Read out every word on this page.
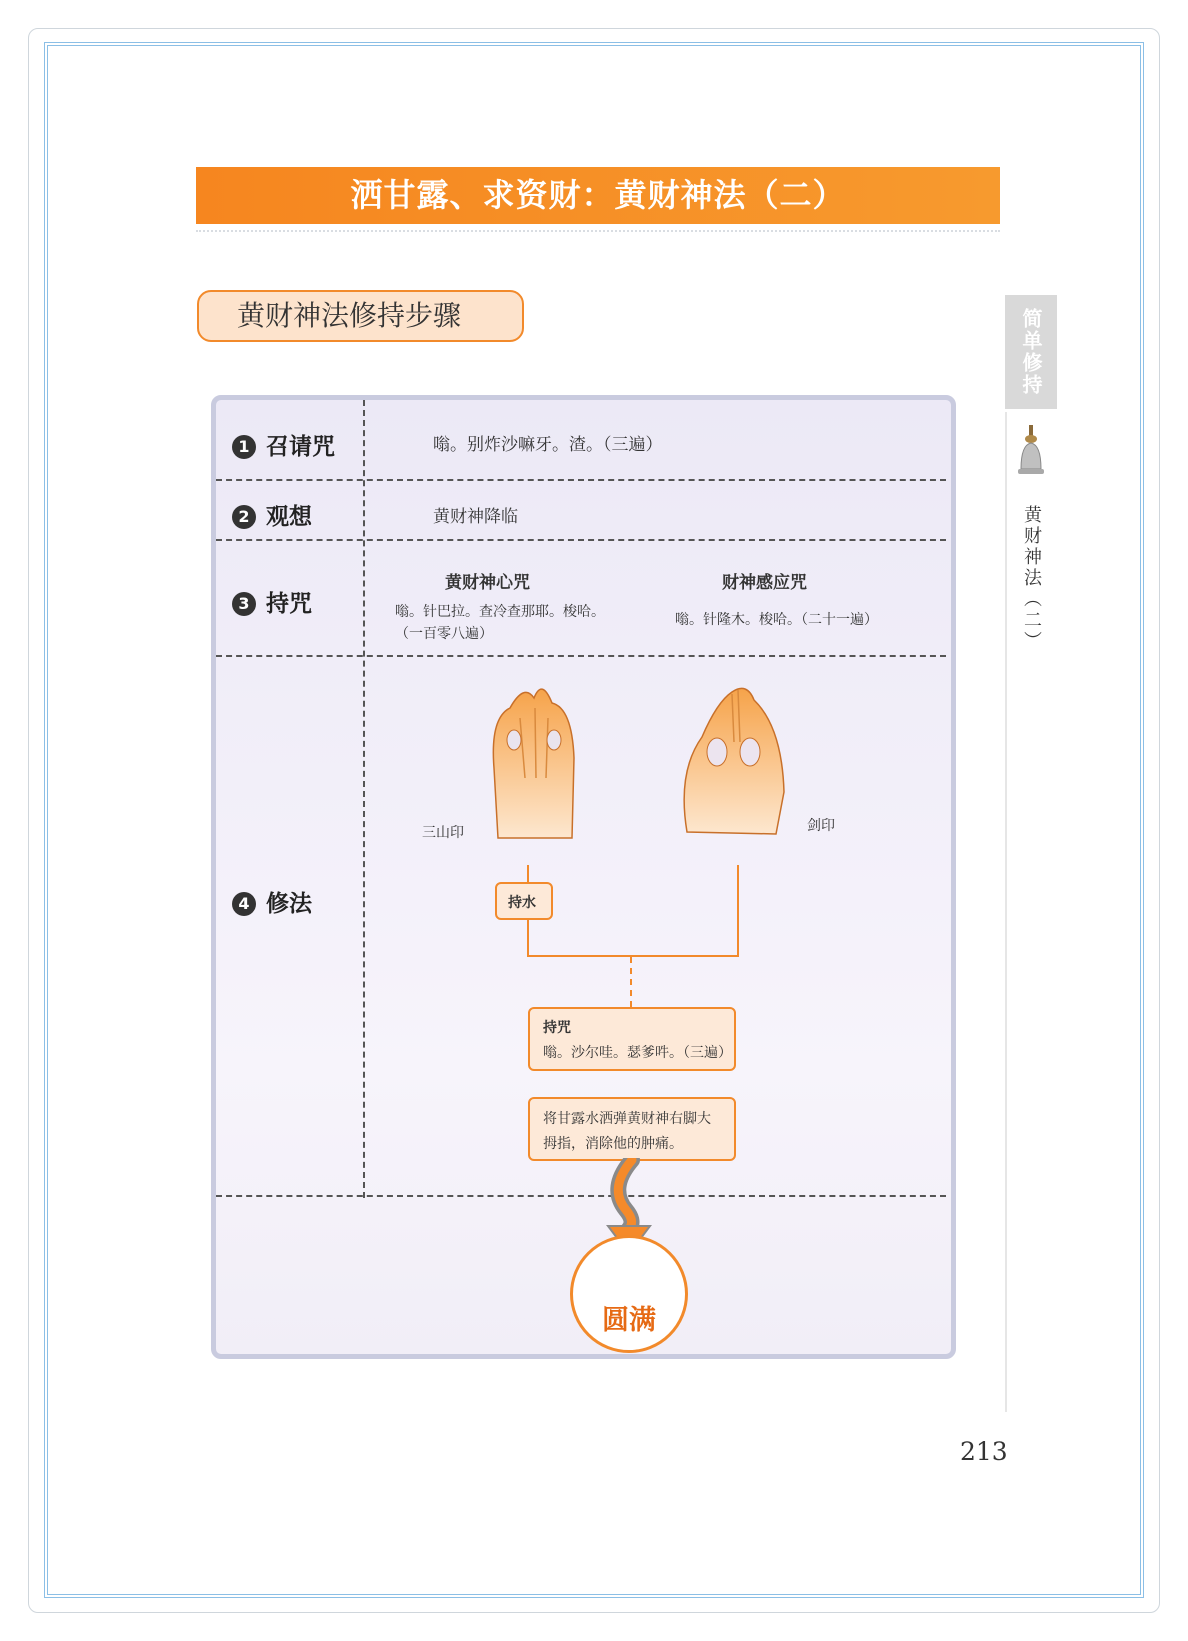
洒甘露、求资财：黄财神法（二）
黄财神法修持步骤	简单修持
黄财神法（二）
1 召请咒	嗡。别炸沙嘛牙。渣。（三遍）
2 观想	黄财神降临
3 持咒
黄财神心咒
嗡。针巴拉。查冷查那耶。梭哈。
（一百零八遍）
财神感应咒
嗡。针隆木。梭哈。（二十一遍）
4 修法
三山印	剑印
持水
持咒
嗡。沙尔哇。瑟爹吽。（三遍）
将甘露水洒弹黄财神右脚大
拇指，消除他的肿痛。
圆满
213
